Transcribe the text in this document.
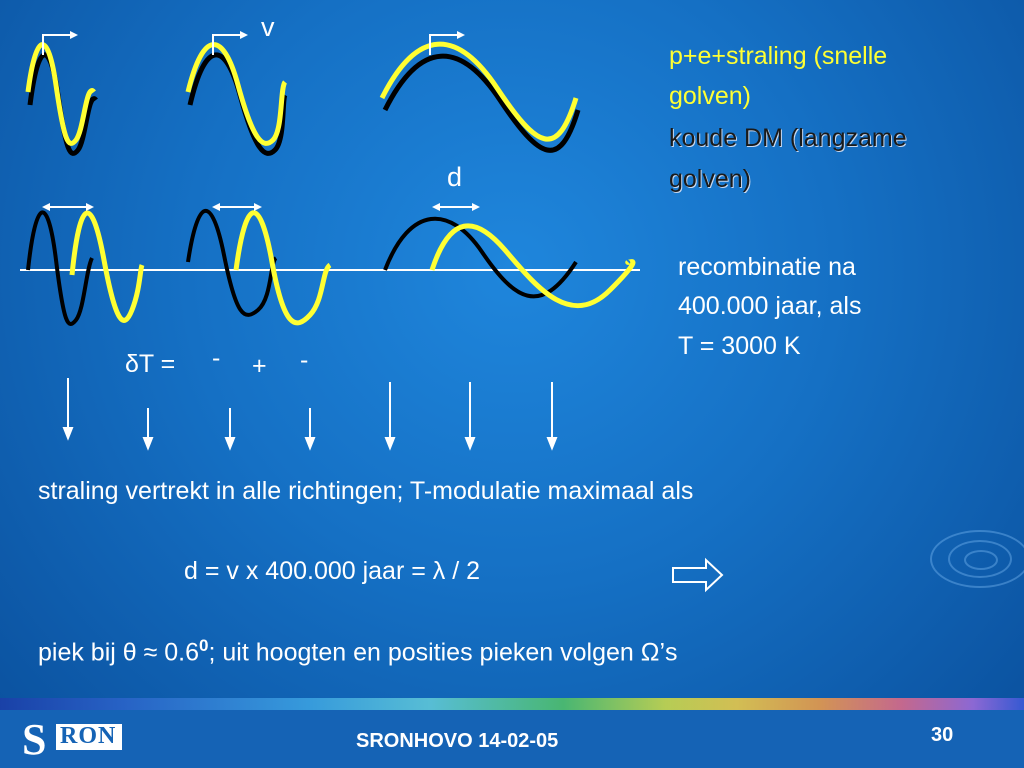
v
d
δT = - + -
p+e+straling (snelle
golven)
koude DM (langzame
golven)
recombinatie na
400.000 jaar, als
T = 3000 K
straling vertrekt in alle richtingen; T-modulatie maximaal als
d = v x 400.000 jaar = λ / 2
piek bij $\theta \approx 0.6^0$; uit hoogten en posities pieken volgen Ω’s
S RON	SRONHOVO 14-02-05	30
